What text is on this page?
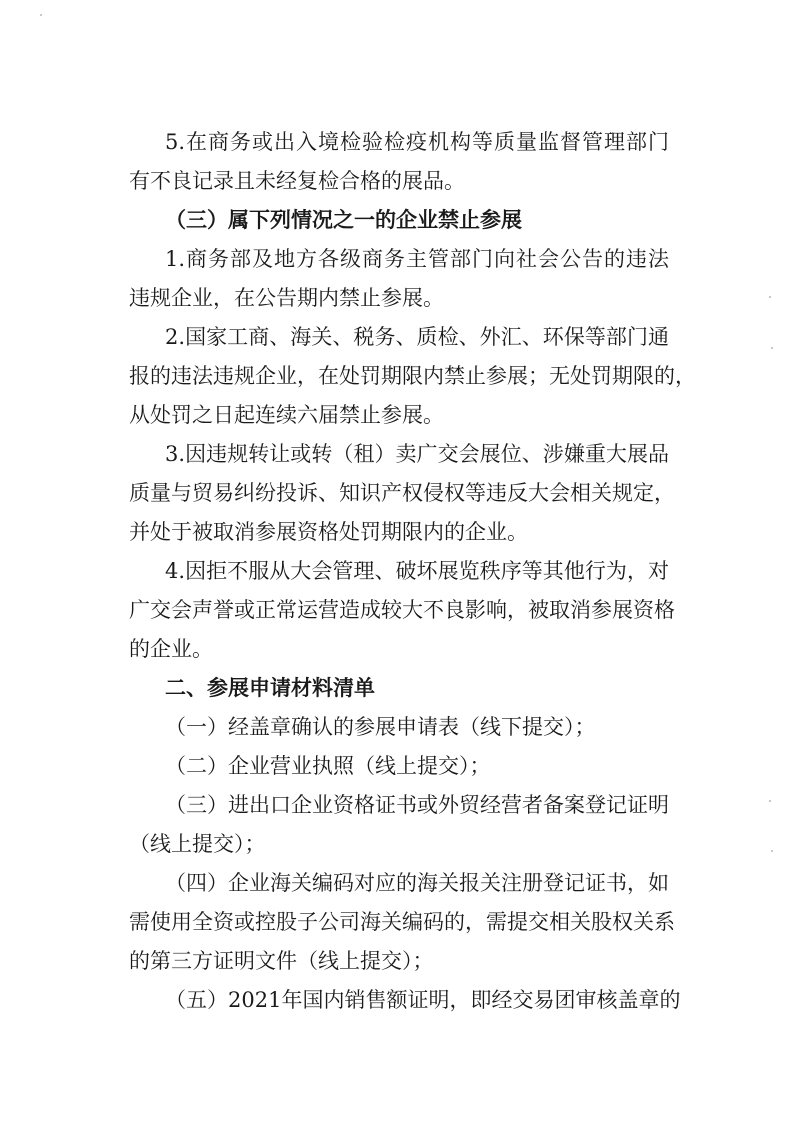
5.在商务或出入境检验检疫机构等质量监督管理部门
有不良记录且未经复检合格的展品。
（三）属下列情况之一的企业禁止参展
1.商务部及地方各级商务主管部门向社会公告的违法
违规企业，在公告期内禁止参展。
2.国家工商、海关、税务、质检、外汇、环保等部门通
报的违法违规企业，在处罚期限内禁止参展；无处罚期限的，
从处罚之日起连续六届禁止参展。
3.因违规转让或转（租）卖广交会展位、涉嫌重大展品
质量与贸易纠纷投诉、知识产权侵权等违反大会相关规定，
并处于被取消参展资格处罚期限内的企业。
4.因拒不服从大会管理、破坏展览秩序等其他行为，对
广交会声誉或正常运营造成较大不良影响，被取消参展资格
的企业。
二、参展申请材料清单
（一）经盖章确认的参展申请表（线下提交）；
（二）企业营业执照（线上提交）；
（三）进出口企业资格证书或外贸经营者备案登记证明
（线上提交）；
（四）企业海关编码对应的海关报关注册登记证书，如
需使用全资或控股子公司海关编码的，需提交相关股权关系
的第三方证明文件（线上提交）；
（五）2021年国内销售额证明，即经交易团审核盖章的
